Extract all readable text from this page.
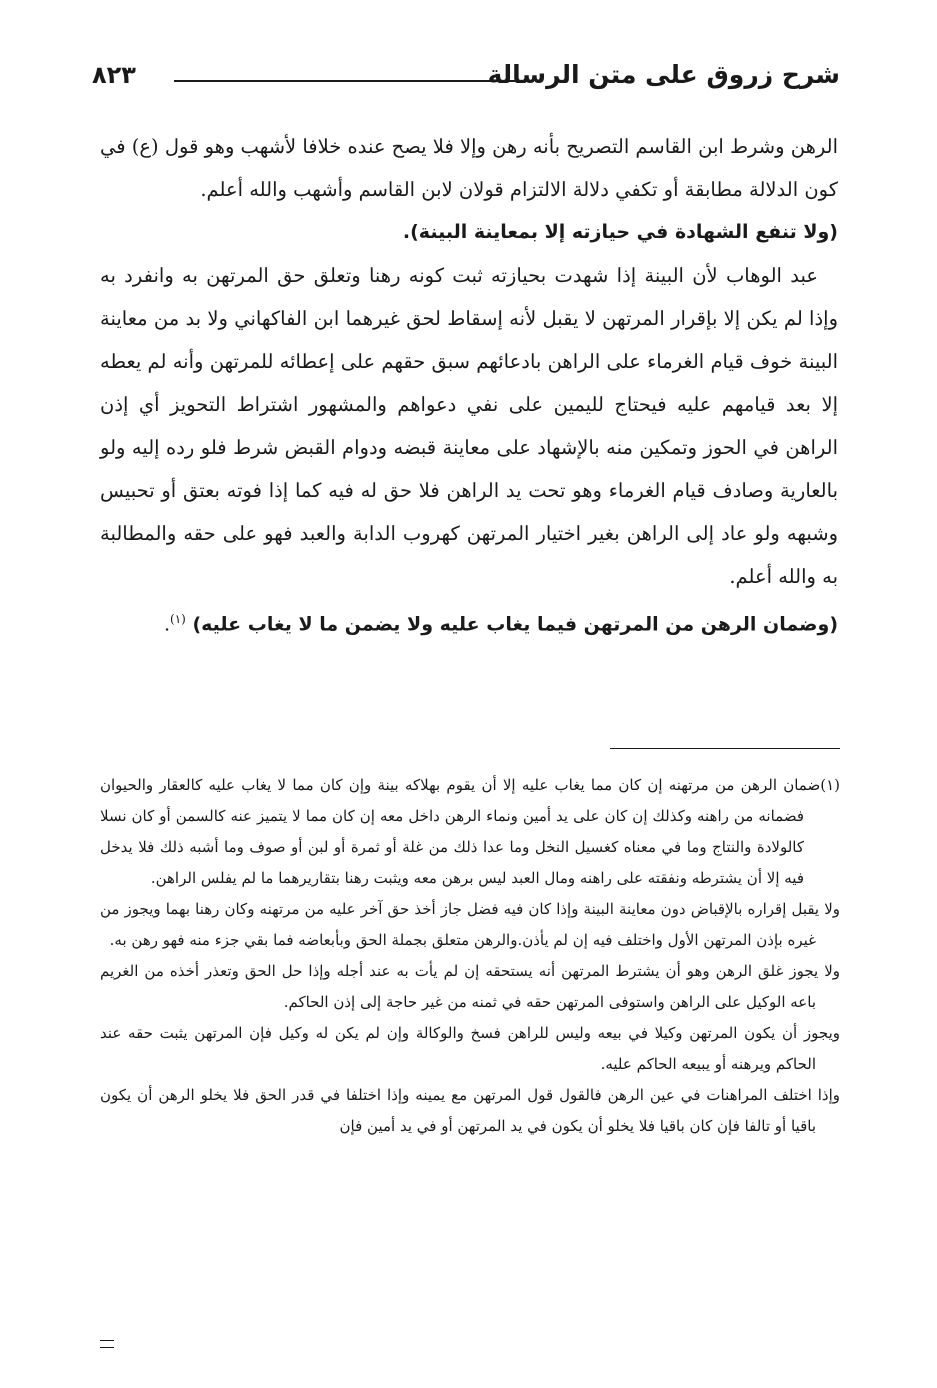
شرح زروق على متن الرسالة
٨٢٣

الرهن وشرط ابن القاسم التصريح بأنه رهن وإلا فلا يصح عنده خلافا لأشهب وهو قول (ع) في كون الدلالة مطابقة أو تكفي دلالة الالتزام قولان لابن القاسم وأشهب والله أعلم.

(ولا تنفع الشهادة في حيازته إلا بمعاينة البينة).

عبد الوهاب لأن البينة إذا شهدت بحيازته ثبت كونه رهنا وتعلق حق المرتهن به وانفرد به وإذا لم يكن إلا بإقرار المرتهن لا يقبل لأنه إسقاط لحق غيرهما ابن الفاكهاني ولا بد من معاينة البينة خوف قيام الغرماء على الراهن بادعائهم سبق حقهم على إعطائه للمرتهن وأنه لم يعطه إلا بعد قيامهم عليه فيحتاج لليمين على نفي دعواهم والمشهور اشتراط التحويز أي إذن الراهن في الحوز وتمكين منه بالإشهاد على معاينة قبضه ودوام القبض شرط فلو رده إليه ولو بالعارية وصادف قيام الغرماء وهو تحت يد الراهن فلا حق له فيه كما إذا فوته بعتق أو تحبيس وشبهه ولو عاد إلى الراهن بغير اختيار المرتهن كهروب الدابة والعبد فهو على حقه والمطالبة به والله أعلم.

(وضمان الرهن من المرتهن فيما يغاب عليه ولا يضمن ما لا يغاب عليه) $^{(١)}$.

(١)ضمان الرهن من مرتهنه إن كان مما يغاب عليه إلا أن يقوم بهلاكه بينة وإن كان مما لا يغاب عليه كالعقار والحيوان فضمانه من راهنه وكذلك إن كان على يد أمين ونماء الرهن داخل معه إن كان مما لا يتميز عنه كالسمن أو كان نسلا كالولادة والنتاج وما في معناه كغسيل النخل وما عدا ذلك من غلة أو ثمرة أو لبن أو صوف وما أشبه ذلك فلا يدخل فيه إلا أن يشترطه ونفقته على راهنه ومال العبد ليس برهن معه ويثبت رهنا بتقاريرهما ما لم يفلس الراهن.

ولا يقبل إقراره بالإقباض دون معاينة البينة وإذا كان فيه فضل جاز أخذ حق آخر عليه من مرتهنه وكان رهنا بهما ويجوز من غيره بإذن المرتهن الأول واختلف فيه إن لم يأذن.والرهن متعلق بجملة الحق وبأبعاضه فما بقي جزء منه فهو رهن به.

ولا يجوز غلق الرهن وهو أن يشترط المرتهن أنه يستحقه إن لم يأت به عند أجله وإذا حل الحق وتعذر أخذه من الغريم باعه الوكيل على الراهن واستوفى المرتهن حقه في ثمنه من غير حاجة إلى إذن الحاكم.

ويجوز أن يكون المرتهن وكيلا في بيعه وليس للراهن فسخ والوكالة وإن لم يكن له وكيل فإن المرتهن يثبت حقه عند الحاكم ويرهنه أو يبيعه الحاكم عليه.

وإذا اختلف المراهنات في عين الرهن فالقول قول المرتهن مع يمينه وإذا اختلفا في قدر الحق فلا يخلو الرهن أن يكون باقيا أو تالفا فإن كان باقيا فلا يخلو أن يكون في يد المرتهن أو في يد أمين فإن
